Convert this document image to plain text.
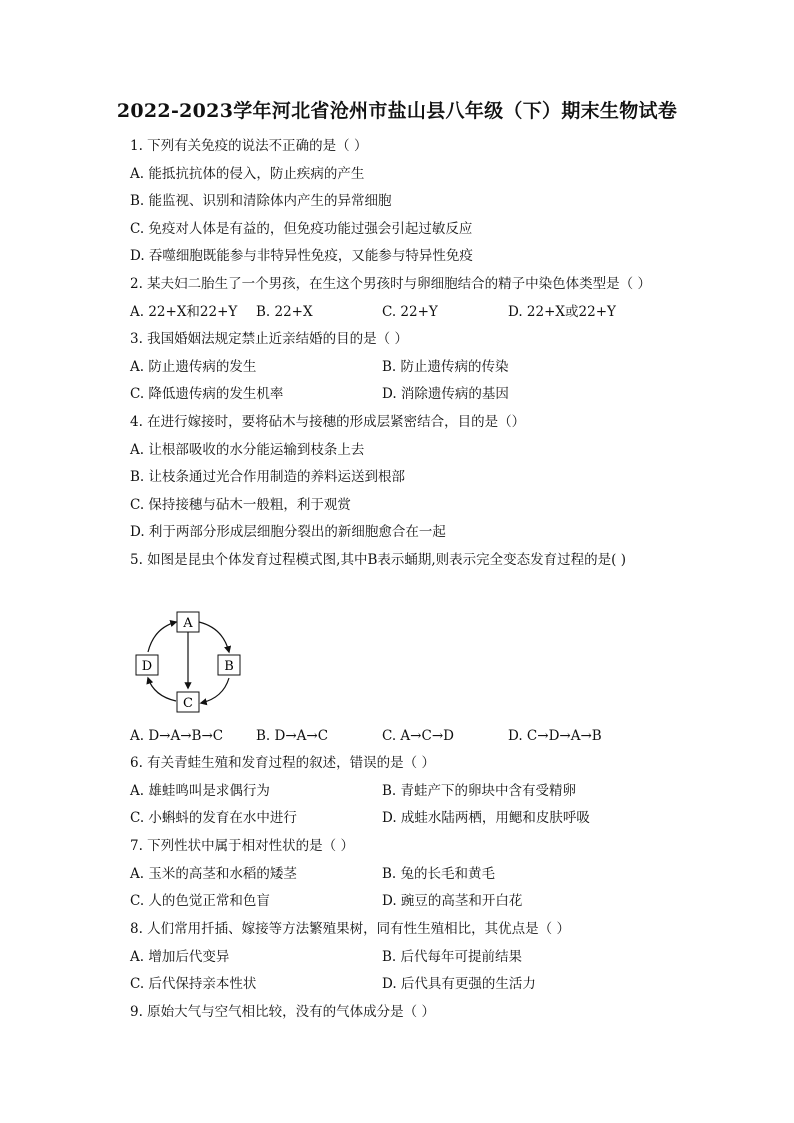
2022-2023学年河北省沧州市盐山县八年级（下）期末生物试卷
1. 下列有关免疫的说法不正确的是（ ）
A. 能抵抗抗体的侵入，防止疾病的产生
B. 能监视、识别和清除体内产生的异常细胞
C. 免疫对人体是有益的，但免疫功能过强会引起过敏反应
D. 吞噬细胞既能参与非特异性免疫，又能参与特异性免疫
2. 某夫妇二胎生了一个男孩，在生这个男孩时与卵细胞结合的精子中染色体类型是（ ）
A. 22+X和22+Y B. 22+X	C. 22+Y	D. 22+X或22+Y
3. 我国婚姻法规定禁止近亲结婚的目的是（ ）
A. 防止遗传病的发生	B. 防止遗传病的传染
C. 降低遗传病的发生机率	D. 消除遗传病的基因
4. 在进行嫁接时，要将砧木与接穗的形成层紧密结合，目的是（）
A. 让根部吸收的水分能运输到枝条上去
B. 让枝条通过光合作用制造的养料运送到根部
C. 保持接穗与砧木一般粗，利于观赏
D. 利于两部分形成层细胞分裂出的新细胞愈合在一起
5. 如图是昆虫个体发育过程模式图,其中B表示蛹期,则表示完全变态发育过程的是( )
A
B
C
D
A. D→A→B→C B. D→A→C	C. A→C→D	D. C→D→A→B
6. 有关青蛙生殖和发育过程的叙述，错误的是（ ）
A. 雄蛙鸣叫是求偶行为	B. 青蛙产下的卵块中含有受精卵
C. 小蝌蚪的发育在水中进行	D. 成蛙水陆两栖，用鳃和皮肤呼吸
7. 下列性状中属于相对性状的是（ ）
A. 玉米的高茎和水稻的矮茎	B. 兔的长毛和黄毛
C. 人的色觉正常和色盲	D. 豌豆的高茎和开白花
8. 人们常用扦插、嫁接等方法繁殖果树，同有性生殖相比，其优点是（ ）
A. 增加后代变异	B. 后代每年可提前结果
C. 后代保持亲本性状	D. 后代具有更强的生活力
9. 原始大气与空气相比较，没有的气体成分是（ ）
